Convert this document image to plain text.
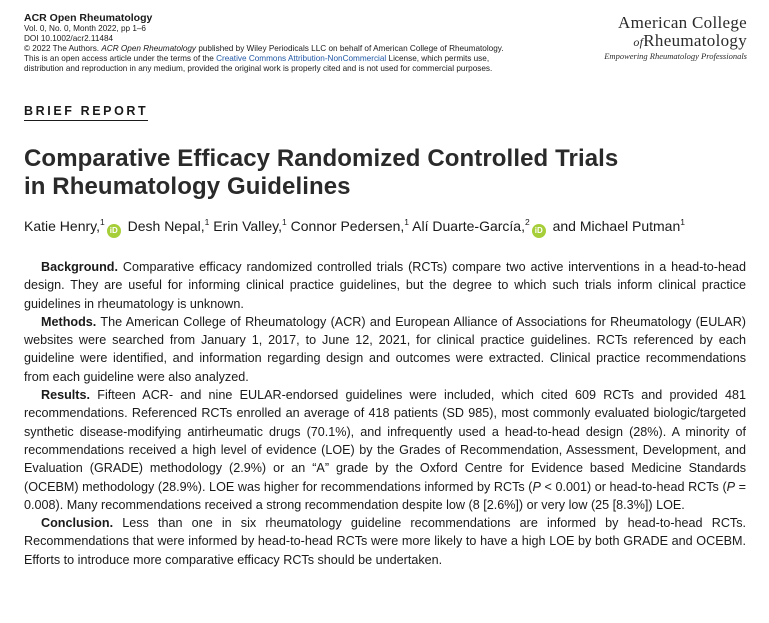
ACR Open Rheumatology

Vol. 0, No. 0, Month 2022, pp 1–6

DOI 10.1002/acr2.11484

© 2022 The Authors. ACR Open Rheumatology published by Wiley Periodicals LLC on behalf of American College of Rheumatology.

This is an open access article under the terms of the Creative Commons Attribution-NonCommercial License, which permits use,

distribution and reproduction in any medium, provided the original work is properly cited and is not used for commercial purposes.

American College
ofRheumatology
Empowering Rheumatology Professionals
BRIEF REPORT
Comparative Efficacy Randomized Controlled Trials
in Rheumatology Guidelines
Katie Henry,$^1$iD Desh Nepal,$^1$ Erin Valley,$^1$ Connor Pedersen,$^1$ Alí Duarte-García,$^2$iD and Michael Putman$^1$

Background. Comparative efficacy randomized controlled trials (RCTs) compare two active interventions in a head-to-head design. They are useful for informing clinical practice guidelines, but the degree to which such trials inform clinical practice guidelines in rheumatology is unknown.

Methods. The American College of Rheumatology (ACR) and European Alliance of Associations for Rheumatology (EULAR) websites were searched from January 1, 2017, to June 12, 2021, for clinical practice guidelines. RCTs referenced by each guideline were identified, and information regarding design and outcomes were extracted. Clinical practice recommendations from each guideline were also analyzed.

Results. Fifteen ACR- and nine EULAR-endorsed guidelines were included, which cited 609 RCTs and provided 481 recommendations. Referenced RCTs enrolled an average of 418 patients (SD 985), most commonly evaluated biologic/targeted synthetic disease-modifying antirheumatic drugs (70.1%), and infrequently used a head-to-head design (28%). A minority of recommendations received a high level of evidence (LOE) by the Grades of Recommendation, Assessment, Development, and Evaluation (GRADE) methodology (2.9%) or an “A” grade by the Oxford Centre for Evidence based Medicine Standards (OCEBM) methodology (28.9%). LOE was higher for recommendations informed by RCTs (P < 0.001) or head-to-head RCTs (P = 0.008). Many recommendations received a strong recommendation despite low (8 [2.6%]) or very low (25 [8.3%]) LOE.

Conclusion. Less than one in six rheumatology guideline recommendations are informed by head-to-head RCTs. Recommendations that were informed by head-to-head RCTs were more likely to have a high LOE by both GRADE and OCEBM. Efforts to introduce more comparative efficacy RCTs should be undertaken.
